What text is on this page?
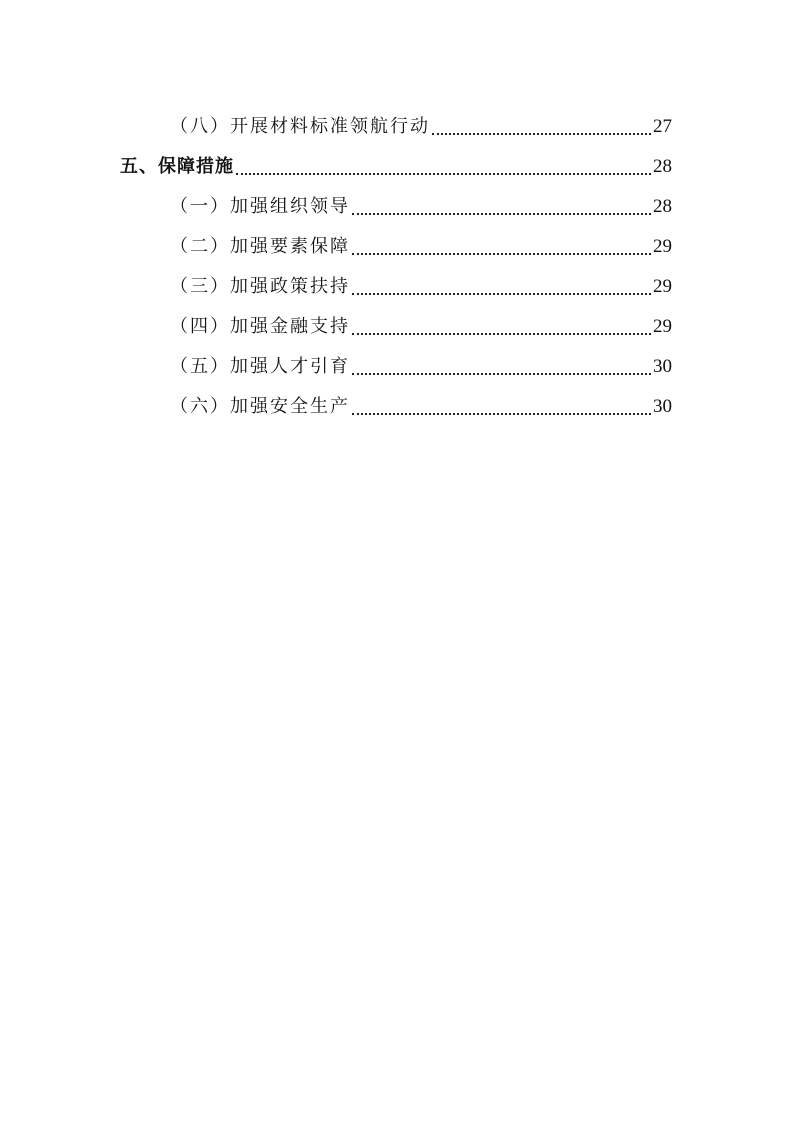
（八）开展材料标准领航行动	27
五、保障措施	28
（一）加强组织领导	28
（二）加强要素保障	29
（三）加强政策扶持	29
（四）加强金融支持	29
（五）加强人才引育	30
（六）加强安全生产	30
